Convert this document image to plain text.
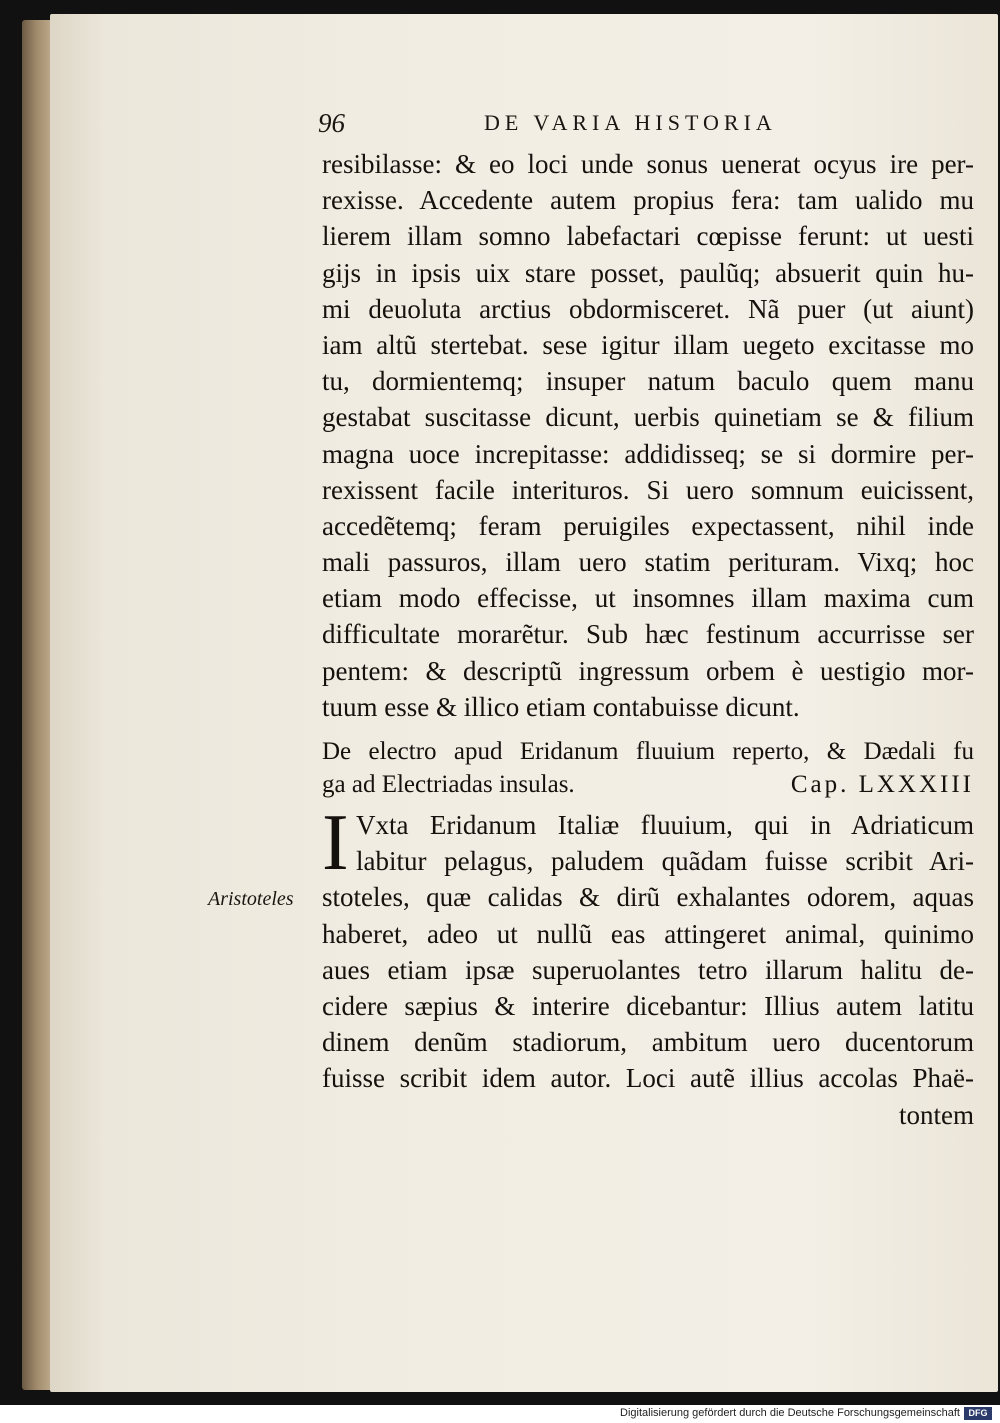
96	DE VARIA HISTORIA
resibilasse: & eo loci unde sonus uenerat ocyus ire per-
rexisse. Accedente autem propius fera: tam ualido mu
lierem illam somno labefactari cœpisse ferunt: ut uesti
gijs in ipsis uix stare posset, paulũq; absuerit quin hu-
mi deuoluta arctius obdormisceret. Nã puer (ut aiunt)
iam altũ stertebat. sese igitur illam uegeto excitasse mo
tu, dormientemq; insuper natum baculo quem manu
gestabat suscitasse dicunt, uerbis quinetiam se & filium
magna uoce increpitasse: addidisseq; se si dormire per-
rexissent facile interituros. Si uero somnum euicissent,
accedẽtemq; feram peruigiles expectassent, nihil inde
mali passuros, illam uero statim perituram. Vixq; hoc
etiam modo effecisse, ut insomnes illam maxima cum
difficultate morarẽtur. Sub hæc festinum accurrisse ser
pentem: & descriptũ ingressum orbem è uestigio mor-
tuum esse & illico etiam contabuisse dicunt.
De electro apud Eridanum fluuium reperto, & Dædali fu
ga ad Electriadas insulas.	Cap. LXXXIII
I Vxta Eridanum Italiæ fluuium, qui in Adriaticum
labitur pelagus, paludem quãdam fuisse scribit Ari-
stoteles, quæ calidas & dirũ exhalantes odorem, aquas
haberet, adeo ut nullũ eas attingeret animal, quinimo
aues etiam ipsæ superuolantes tetro illarum halitu de-
cidere sæpius & interire dicebantur: Illius autem latitu
dinem denũm stadiorum, ambitum uero ducentorum
fuisse scribit idem autor. Loci autẽ illius accolas Phaë-
tontem
Aristoteles
Digitalisierung gefördert durch die Deutsche Forschungsgemeinschaft DFG
